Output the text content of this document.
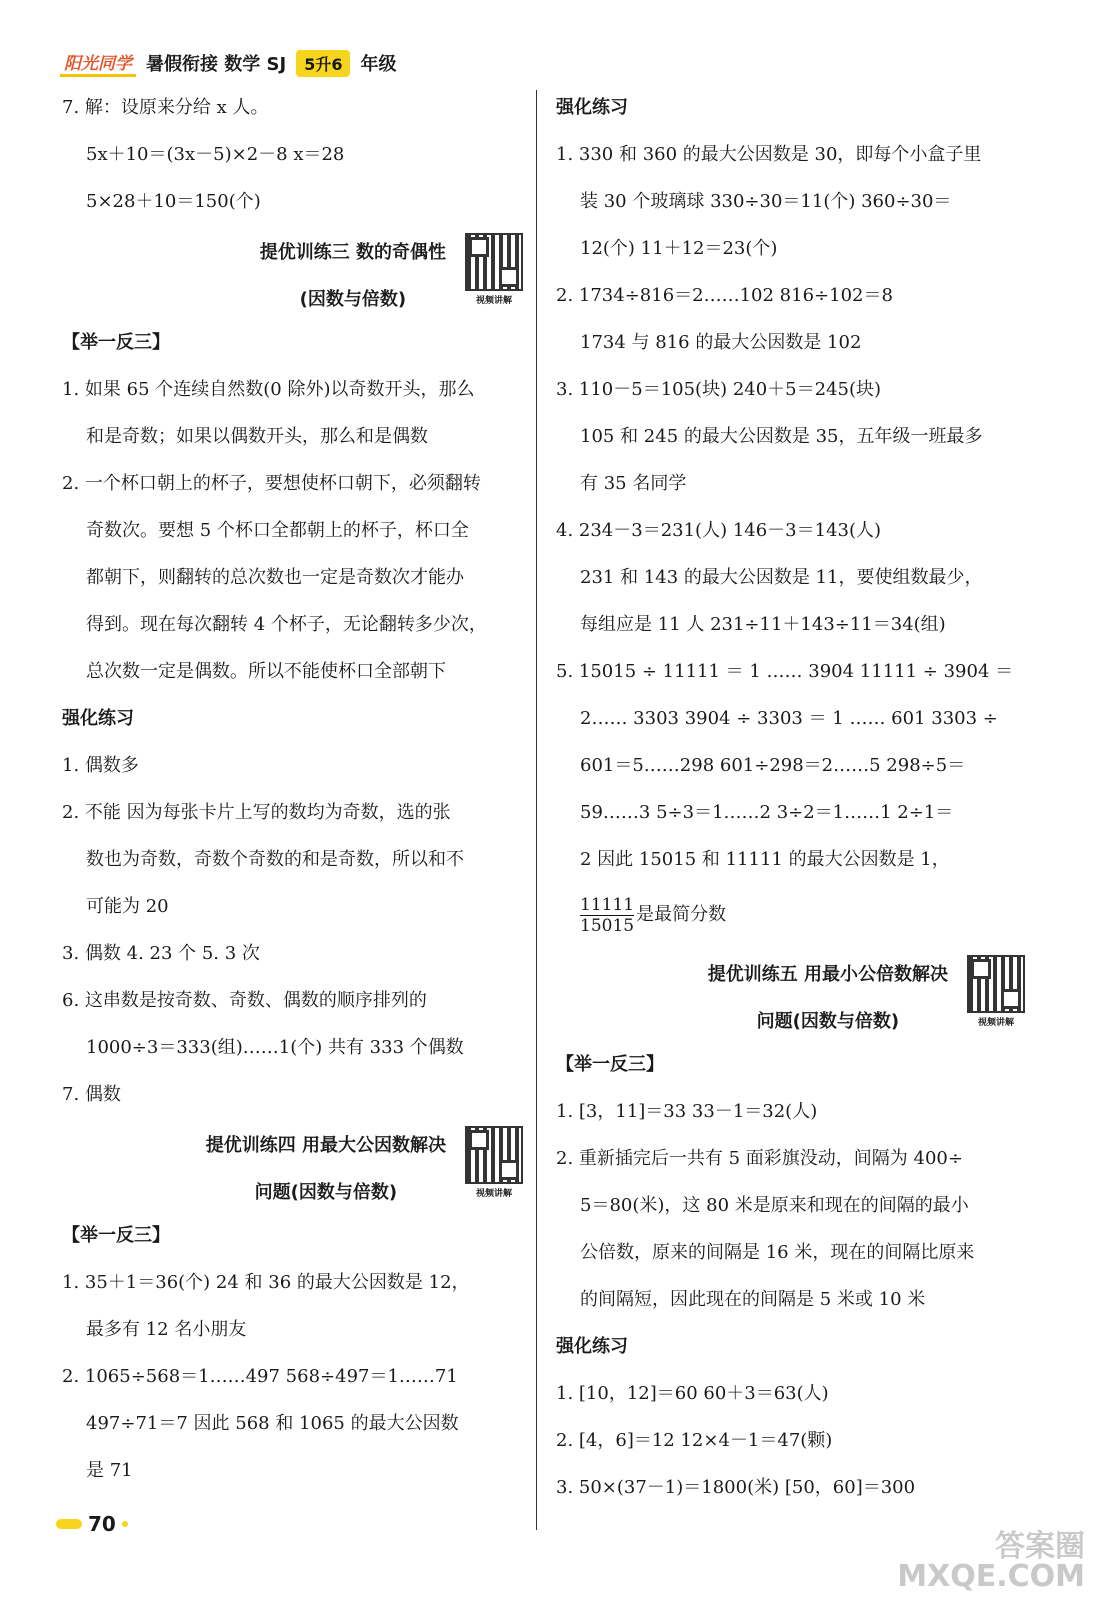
阳光同学 暑假衔接 数学 SJ	5升6	年级
7. 解：设原来分给 x 人。
5x＋10＝(3x－5)×2－8 x＝28
5×28＋10＝150(个)
提优训练三 数的奇偶性
(因数与倍数)	视频讲解
【举一反三】
1. 如果 65 个连续自然数(0 除外)以奇数开头，那么
和是奇数；如果以偶数开头，那么和是偶数
2. 一个杯口朝上的杯子，要想使杯口朝下，必须翻转
奇数次。要想 5 个杯口全都朝上的杯子，杯口全
都朝下，则翻转的总次数也一定是奇数次才能办
得到。现在每次翻转 4 个杯子，无论翻转多少次，
总次数一定是偶数。所以不能使杯口全部朝下
强化练习
1. 偶数多
2. 不能 因为每张卡片上写的数均为奇数，选的张
数也为奇数，奇数个奇数的和是奇数，所以和不
可能为 20
3. 偶数 4. 23 个 5. 3 次
6. 这串数是按奇数、奇数、偶数的顺序排列的
1000÷3＝333(组)……1(个) 共有 333 个偶数
7. 偶数
提优训练四 用最大公因数解决
问题(因数与倍数)	视频讲解
【举一反三】
1. 35＋1＝36(个) 24 和 36 的最大公因数是 12，
最多有 12 名小朋友
2. 1065÷568＝1……497 568÷497＝1……71
497÷71＝7 因此 568 和 1065 的最大公因数
是 71
强化练习
1. 330 和 360 的最大公因数是 30，即每个小盒子里
装 30 个玻璃球 330÷30＝11(个) 360÷30＝
12(个) 11＋12＝23(个)
2. 1734÷816＝2……102 816÷102＝8
1734 与 816 的最大公因数是 102
3. 110－5＝105(块) 240＋5＝245(块)
105 和 245 的最大公因数是 35，五年级一班最多
有 35 名同学
4. 234－3＝231(人) 146－3＝143(人)
231 和 143 的最大公因数是 11，要使组数最少，
每组应是 11 人 231÷11＋143÷11＝34(组)
5. 15015 ÷ 11111 ＝ 1 …… 3904 11111 ÷ 3904 ＝
2…… 3303 3904 ÷ 3303 ＝ 1 …… 601 3303 ÷
601＝5……298 601÷298＝2……5 298÷5＝
59……3 5÷3＝1……2 3÷2＝1……1 2÷1＝
2 因此 15015 和 11111 的最大公因数是 1，
$\frac{11111}{15015}$ 是最简分数
提优训练五 用最小公倍数解决
问题(因数与倍数)	视频讲解
【举一反三】
1. [3，11]＝33 33－1＝32(人)
2. 重新插完后一共有 5 面彩旗没动，间隔为 400÷
5＝80(米)，这 80 米是原来和现在的间隔的最小
公倍数，原来的间隔是 16 米，现在的间隔比原来
的间隔短，因此现在的间隔是 5 米或 10 米
强化练习
1. [10，12]＝60 60＋3＝63(人)
2. [4，6]＝12 12×4－1＝47(颗)
3. 50×(37－1)＝1800(米) [50，60]＝300
70
答案圈
MXQE.COM
